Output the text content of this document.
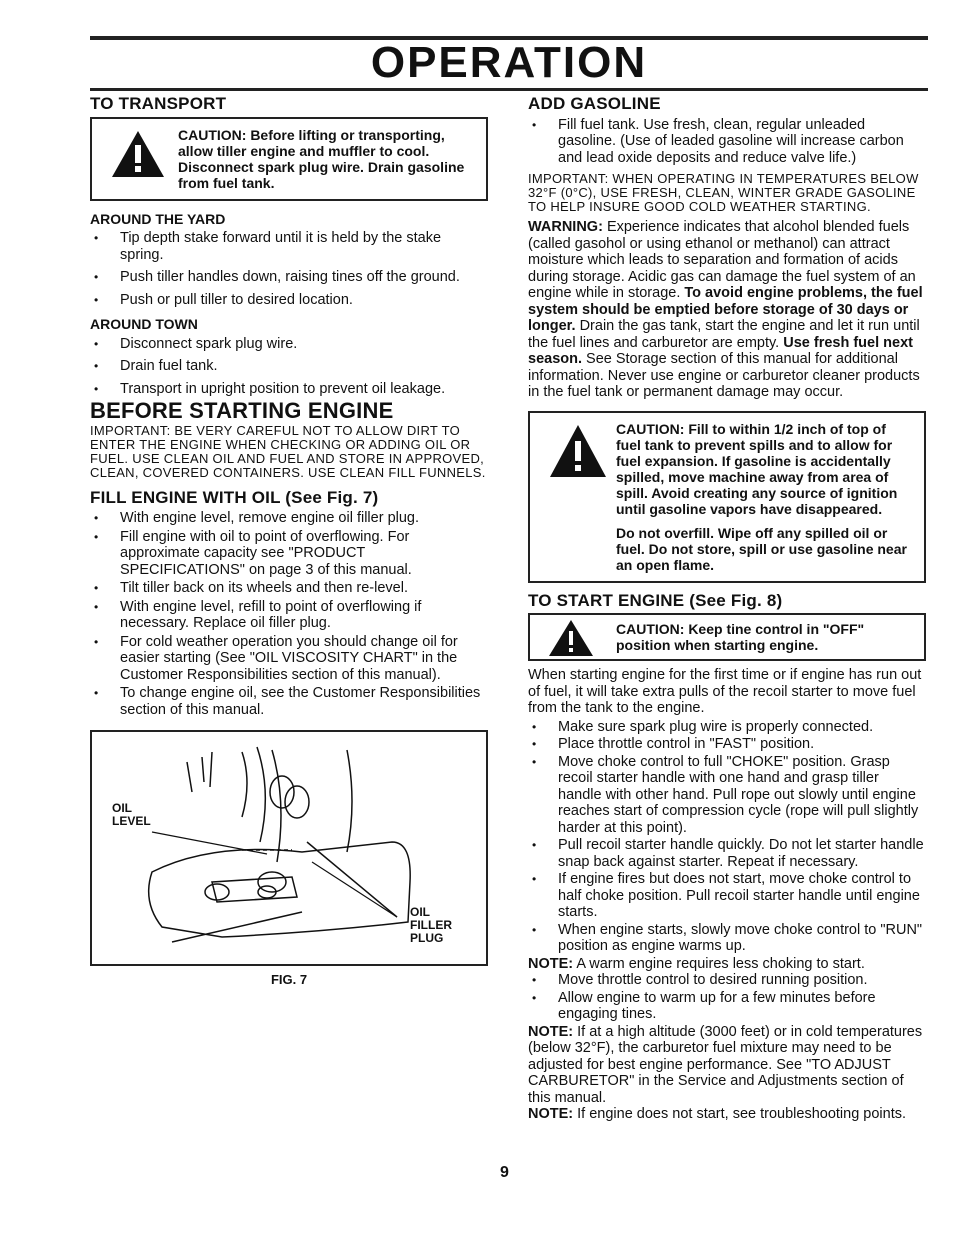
OPERATION
TO TRANSPORT

CAUTION: Before lifting or transporting, allow tiller engine and muffler to cool. Disconnect spark plug wire. Drain gasoline from fuel tank.

AROUND THE YARD
• Tip depth stake forward until it is held by the stake spring.
• Push tiller handles down, raising tines off the ground.
• Push or pull tiller to desired location.
AROUND TOWN
• Disconnect spark plug wire.
• Drain fuel tank.
• Transport in upright position to prevent oil leakage.
BEFORE STARTING ENGINE

IMPORTANT: BE VERY CAREFUL NOT TO ALLOW DIRT TO ENTER THE ENGINE WHEN CHECKING OR ADDING OIL OR FUEL. USE CLEAN OIL AND FUEL AND STORE IN APPROVED, CLEAN, COVERED CONTAINERS. USE CLEAN FILL FUNNELS.

FILL ENGINE WITH OIL (See Fig. 7)
• With engine level, remove engine oil filler plug.
• Fill engine with oil to point of overflowing. For approximate capacity see "PRODUCT SPECIFICATIONS" on page 3 of this manual.
• Tilt tiller back on its wheels and then re-level.
• With engine level, refill to point of overflowing if necessary. Replace oil filler plug.
• For cold weather operation you should change oil for easier starting (See "OIL VISCOSITY CHART" in the Customer Responsibilities section of this manual).
• To change engine oil, see the Customer Responsibilities section of this manual.
OIL
LEVEL
OIL
FILLER
PLUG
FIG. 7
ADD GASOLINE
• Fill fuel tank. Use fresh, clean, regular unleaded gasoline. (Use of leaded gasoline will increase carbon and lead oxide deposits and reduce valve life.)

IMPORTANT: WHEN OPERATING IN TEMPERATURES BELOW 32°F (0°C), USE FRESH, CLEAN, WINTER GRADE GASOLINE TO HELP INSURE GOOD COLD WEATHER STARTING.

WARNING: Experience indicates that alcohol blended fuels (called gasohol or using ethanol or methanol) can attract moisture which leads to separation and formation of acids during storage. Acidic gas can damage the fuel system of an engine while in storage. To avoid engine problems, the fuel system should be emptied before storage of 30 days or longer. Drain the gas tank, start the engine and let it run until the fuel lines and carburetor are empty. Use fresh fuel next season. See Storage section of this manual for additional information. Never use engine or carburetor cleaner products in the fuel tank or permanent damage may occur.

CAUTION: Fill to within 1/2 inch of top of fuel tank to prevent spills and to allow for fuel expansion. If gasoline is accidentally spilled, move machine away from area of spill. Avoid creating any source of ignition until gasoline vapors have disappeared.

Do not overfill. Wipe off any spilled oil or fuel. Do not store, spill or use gasoline near an open flame.

TO START ENGINE (See Fig. 8)

CAUTION: Keep tine control in "OFF" position when starting engine.

When starting engine for the first time or if engine has run out of fuel, it will take extra pulls of the recoil starter to move fuel from the tank to the engine.

• Make sure spark plug wire is properly connected.
• Place throttle control in "FAST" position.
• Move choke control to full "CHOKE" position. Grasp recoil starter handle with one hand and grasp tiller handle with other hand. Pull rope out slowly until engine reaches start of compression cycle (rope will pull slightly harder at this point).
• Pull recoil starter handle quickly. Do not let starter handle snap back against starter. Repeat if necessary.
• If engine fires but does not start, move choke control to half choke position. Pull recoil starter handle until engine starts.
• When engine starts, slowly move choke control to "RUN" position as engine warms up.

NOTE: A warm engine requires less choking to start.

• Move throttle control to desired running position.
• Allow engine to warm up for a few minutes before engaging tines.

NOTE: If at a high altitude (3000 feet) or in cold temperatures (below 32°F), the carburetor fuel mixture may need to be adjusted for best engine performance. See "TO ADJUST CARBURETOR" in the Service and Adjustments section of this manual.

NOTE: If engine does not start, see troubleshooting points.

9
